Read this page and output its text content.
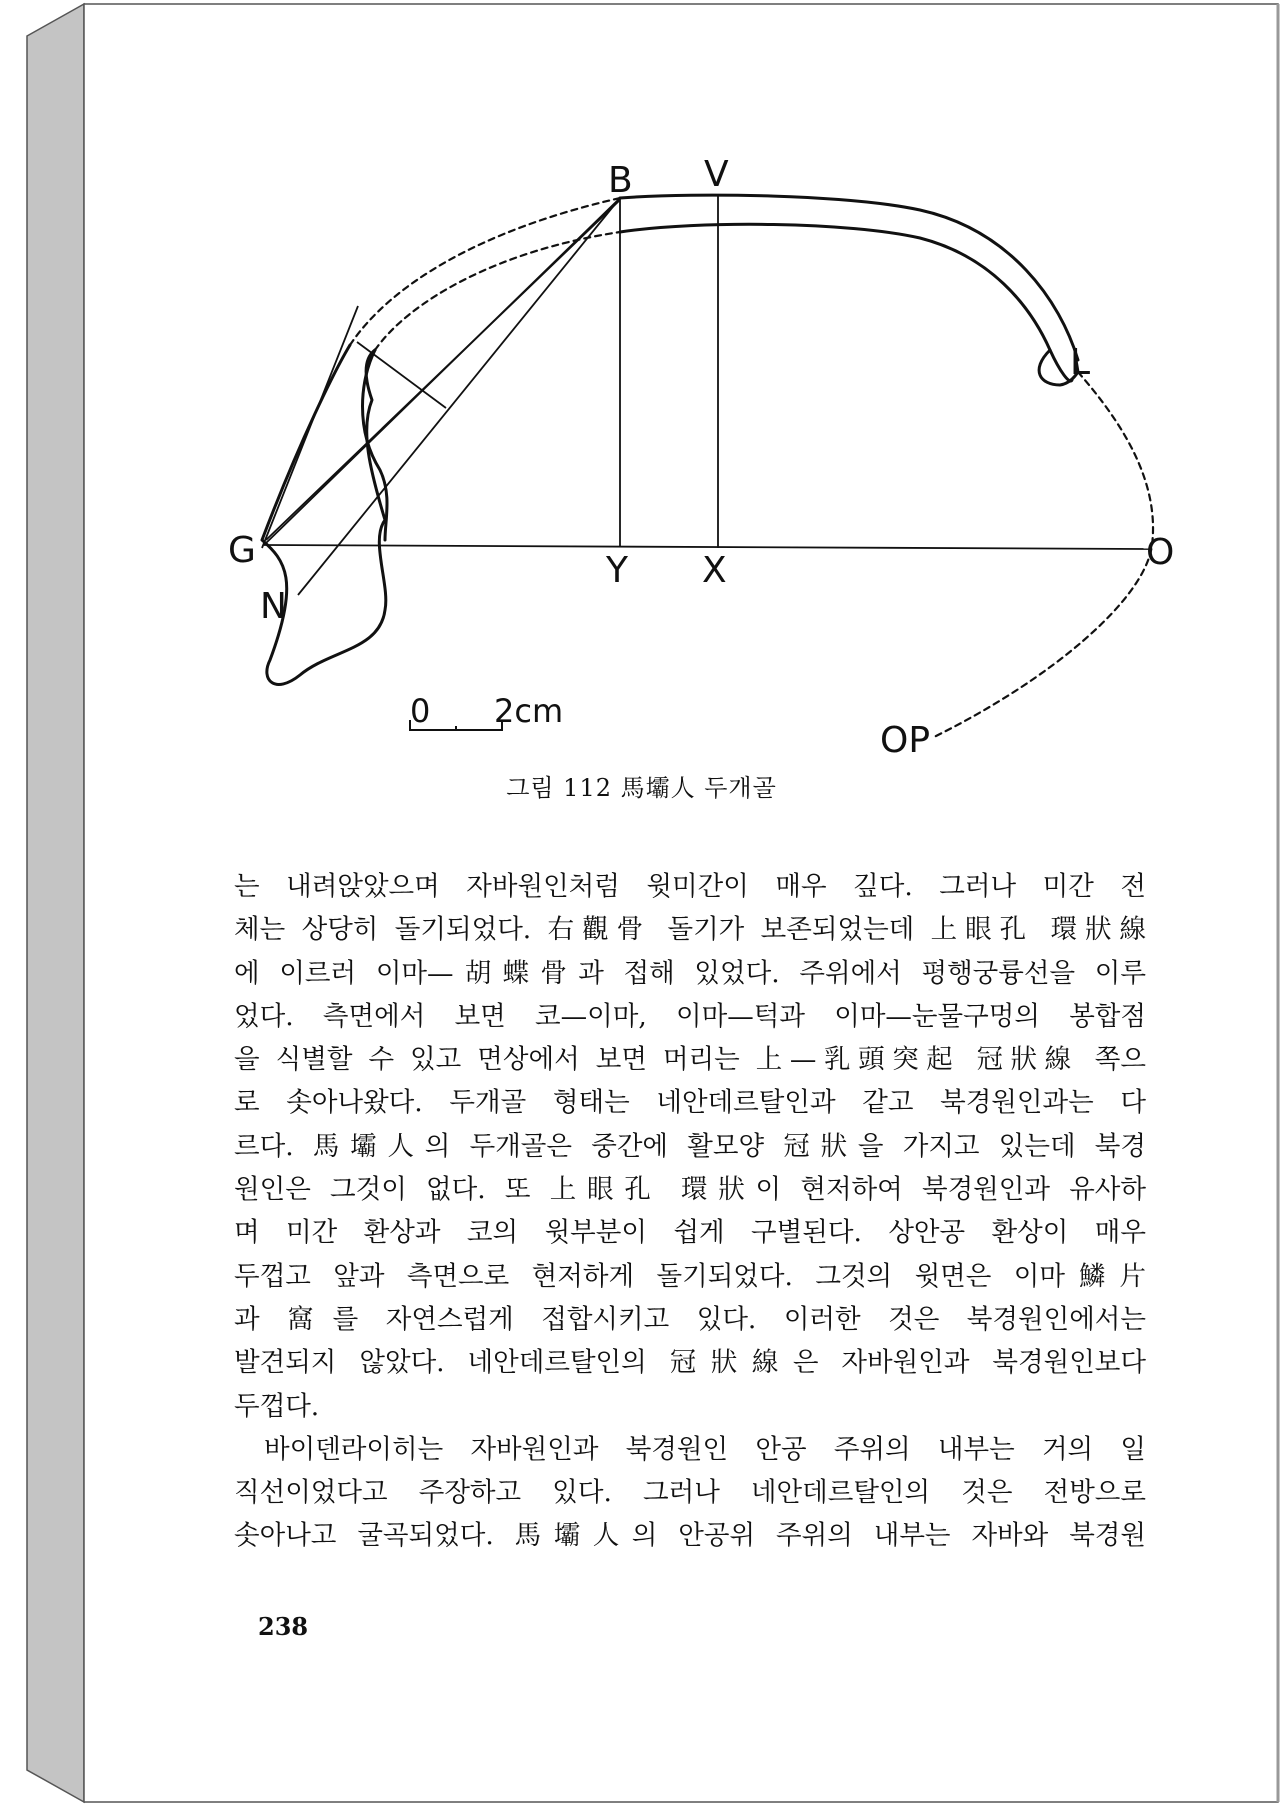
B V
L
G
N
Y X	O
OP
0 2cm
그림 112 馬壩人 두개골
는 내려앉았으며 자바원인처럼 윗미간이 매우 깊다. 그러나 미간 전
체는 상당히 돌기되었다. 右觀骨 돌기가 보존되었는데 上眼孔 環狀線
에 이르러 이마—胡蝶骨과 접해 있었다. 주위에서 평행궁륭선을 이루
었다. 측면에서 보면 코—이마, 이마—턱과 이마—눈물구멍의 봉합점
을 식별할 수 있고 면상에서 보면 머리는 上—乳頭突起 冠狀線 쪽으
로 솟아나왔다. 두개골 형태는 네안데르탈인과 같고 북경원인과는 다
르다. 馬壩人의 두개골은 중간에 활모양 冠狀을 가지고 있는데 북경
원인은 그것이 없다. 또 上眼孔 環狀이 현저하여 북경원인과 유사하
며 미간 환상과 코의 윗부분이 쉽게 구별된다. 상안공 환상이 매우
두껍고 앞과 측면으로 현저하게 돌기되었다. 그것의 윗면은 이마鱗片
과 窩를 자연스럽게 접합시키고 있다. 이러한 것은 북경원인에서는
발견되지 않았다. 네안데르탈인의 冠狀線은 자바원인과 북경원인보다
두껍다.
바이덴라이히는 자바원인과 북경원인 안공 주위의 내부는 거의 일
직선이었다고 주장하고 있다. 그러나 네안데르탈인의 것은 전방으로
솟아나고 굴곡되었다. 馬壩人의 안공위 주위의 내부는 자바와 북경원
238
